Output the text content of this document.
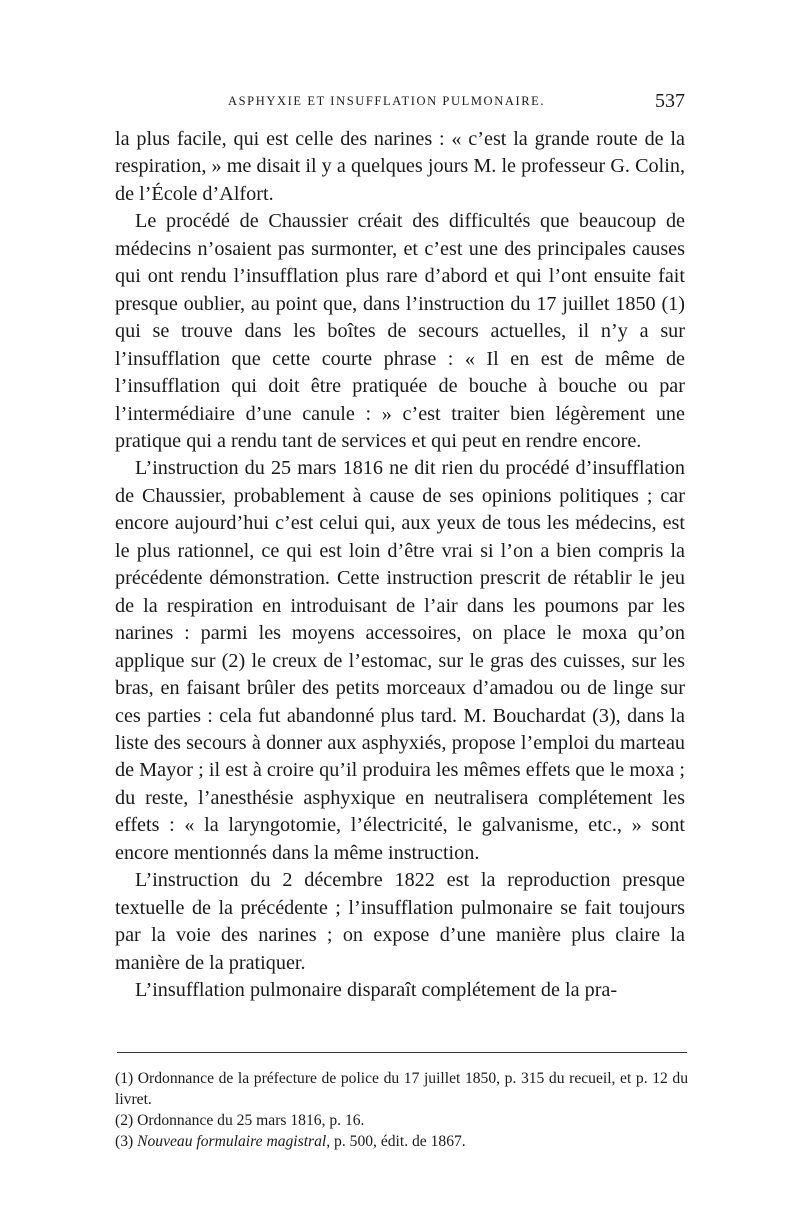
ASPHYXIE ET INSUFFLATION PULMONAIRE.	537

la plus facile, qui est celle des narines : « c’est la grande route de la respiration, » me disait il y a quelques jours M. le professeur G. Colin, de l’École d’Alfort.

Le procédé de Chaussier créait des difficultés que beaucoup de médecins n’osaient pas surmonter, et c’est une des principales causes qui ont rendu l’insufflation plus rare d’abord et qui l’ont ensuite fait presque oublier, au point que, dans l’instruction du 17 juillet 1850 (1) qui se trouve dans les boîtes de secours actuelles, il n’y a sur l’insufflation que cette courte phrase : « Il en est de même de l’insufflation qui doit être pratiquée de bouche à bouche ou par l’intermédiaire d’une canule : » c’est traiter bien légèrement une pratique qui a rendu tant de services et qui peut en rendre encore.

L’instruction du 25 mars 1816 ne dit rien du procédé d’insufflation de Chaussier, probablement à cause de ses opinions politiques ; car encore aujourd’hui c’est celui qui, aux yeux de tous les médecins, est le plus rationnel, ce qui est loin d’être vrai si l’on a bien compris la précédente démonstration. Cette instruction prescrit de rétablir le jeu de la respiration en introduisant de l’air dans les poumons par les narines : parmi les moyens accessoires, on place le moxa qu’on applique sur (2) le creux de l’estomac, sur le gras des cuisses, sur les bras, en faisant brûler des petits morceaux d’amadou ou de linge sur ces parties : cela fut abandonné plus tard. M. Bouchardat (3), dans la liste des secours à donner aux asphyxiés, propose l’emploi du marteau de Mayor ; il est à croire qu’il produira les mêmes effets que le moxa ; du reste, l’anesthésie asphyxique en neutralisera complétement les effets : « la laryngotomie, l’électricité, le galvanisme, etc., » sont encore mentionnés dans la même instruction.

L’instruction du 2 décembre 1822 est la reproduction presque textuelle de la précédente ; l’insufflation pulmonaire se fait toujours par la voie des narines ; on expose d’une manière plus claire la manière de la pratiquer.

L’insufflation pulmonaire disparaît complétement de la pra-

(1) Ordonnance de la préfecture de police du 17 juillet 1850, p. 315 du recueil, et p. 12 du livret.

(2) Ordonnance du 25 mars 1816, p. 16.

(3) Nouveau formulaire magistral, p. 500, édit. de 1867.
